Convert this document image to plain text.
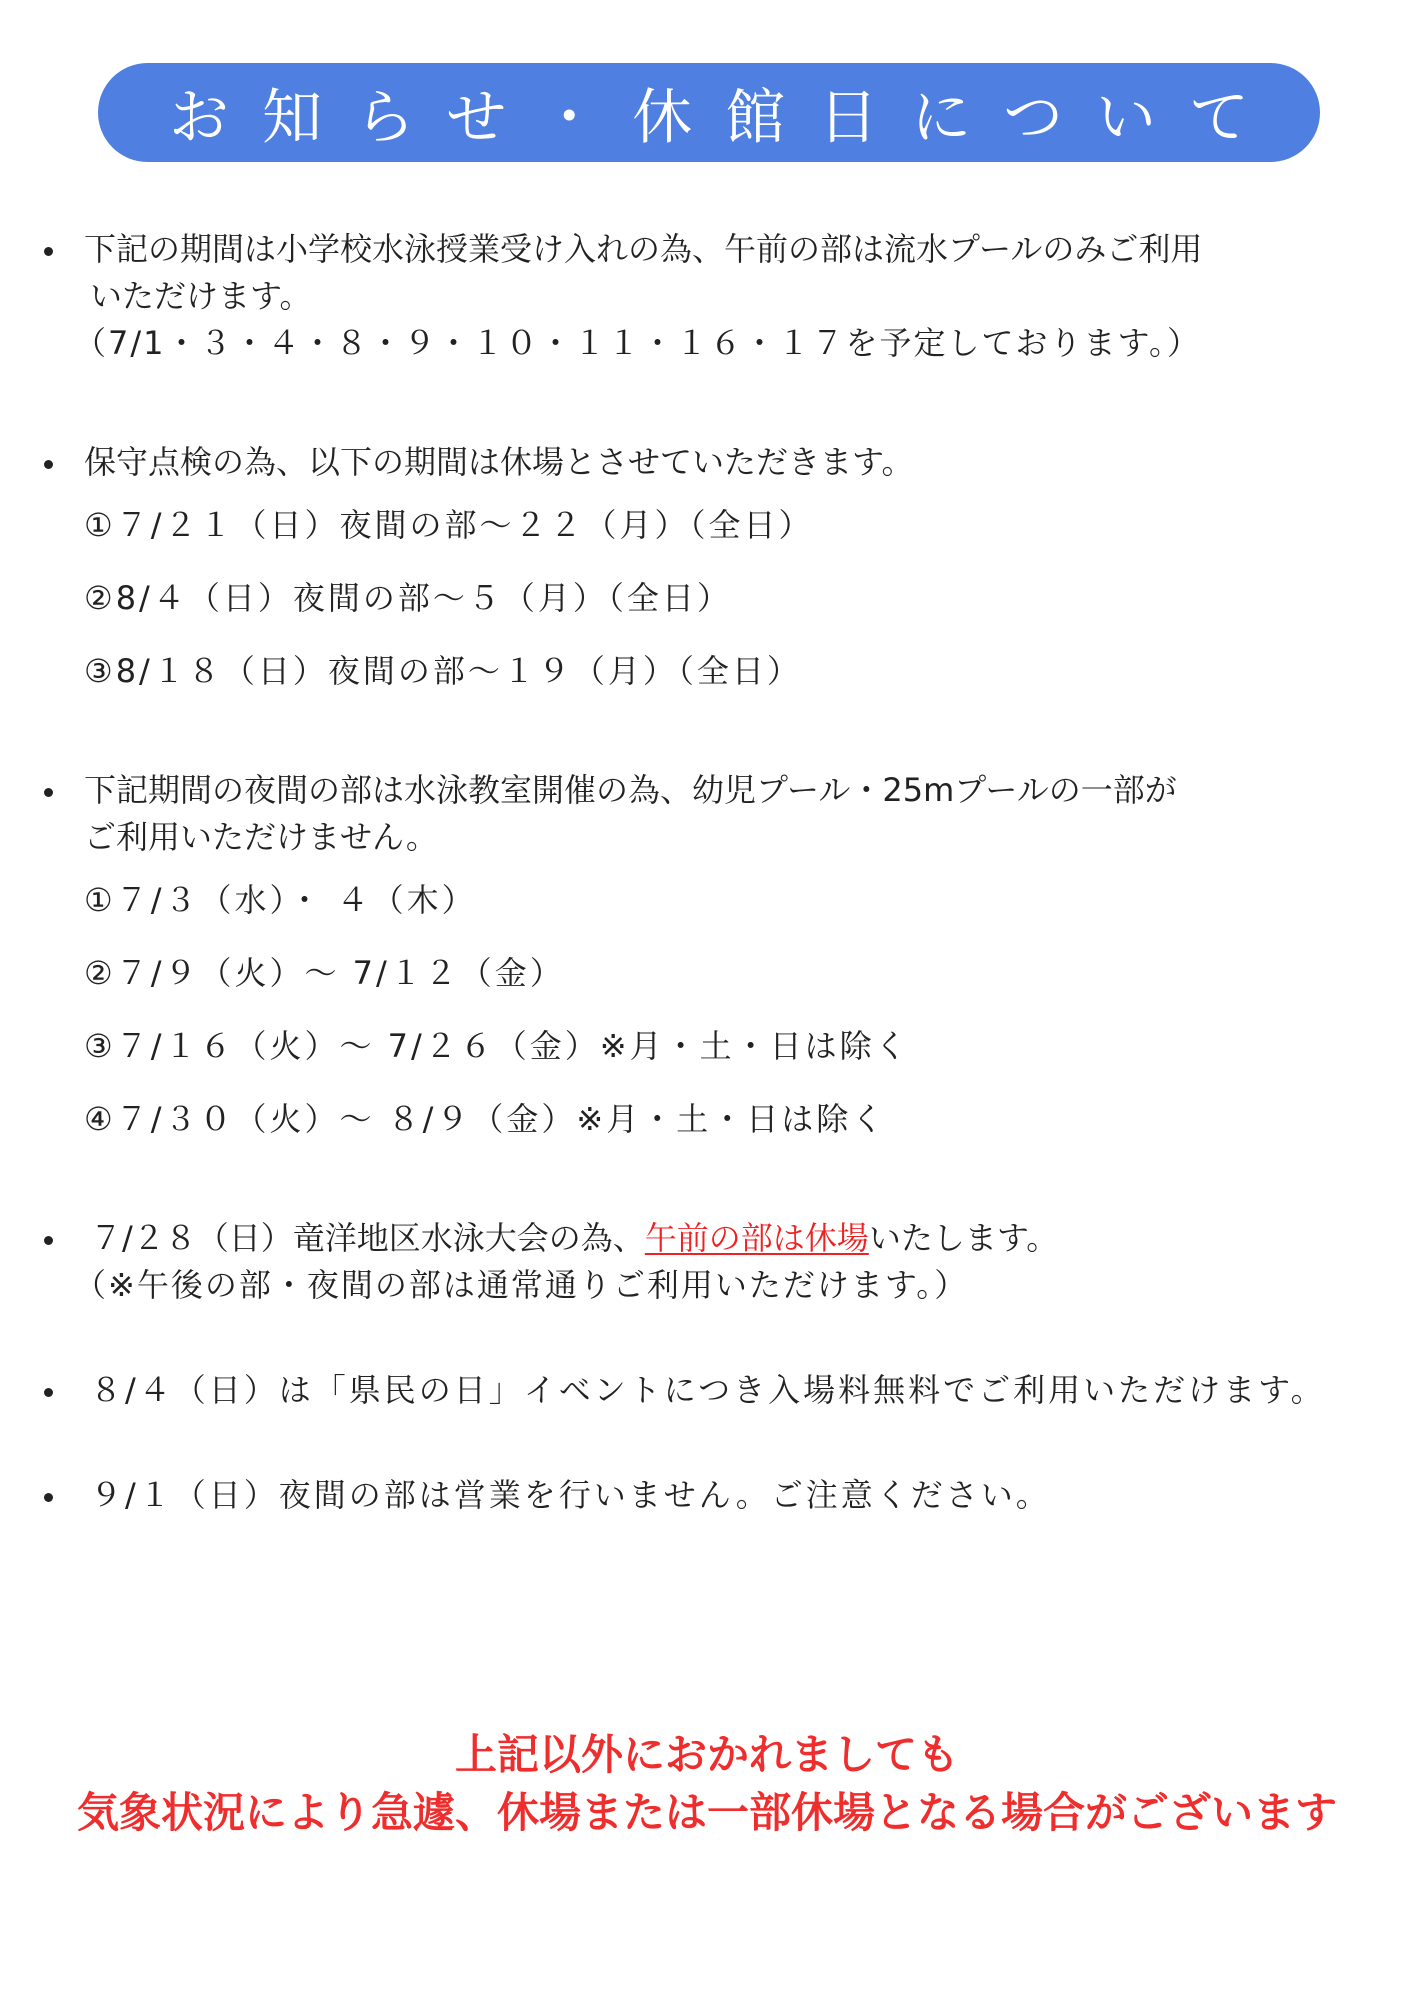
お知らせ・休館日について
下記の期間は小学校水泳授業受け入れの為、午前の部は流水プールのみご利用
いただけます。
（7/1・３・４・８・９・１０・１１・１６・１７を予定しております。）
保守点検の為、以下の期間は休場とさせていただきます。
①７/２１（日）夜間の部～２２（月）（全日）
②8/４（日）夜間の部～５（月）（全日）
③8/１８（日）夜間の部～１９（月）（全日）
下記期間の夜間の部は水泳教室開催の為、幼児プール・25mプールの一部が
ご利用いただけません。
①７/３（水）・ ４（木）
②７/９（火）～ 7/１２（金）
③７/１６（火）～ 7/２６（金）※月・土・日は除く
④７/３０（火）～ ８/９（金）※月・土・日は除く
７/２８（日）竜洋地区水泳大会の為、午前の部は休場いたします。
（※午後の部・夜間の部は通常通りご利用いただけます。）
８/４（日）は「県民の日」イベントにつき入場料無料でご利用いただけます。
９/１（日）夜間の部は営業を行いません。ご注意ください。
上記以外におかれましても
気象状況により急遽、休場または一部休場となる場合がございます
